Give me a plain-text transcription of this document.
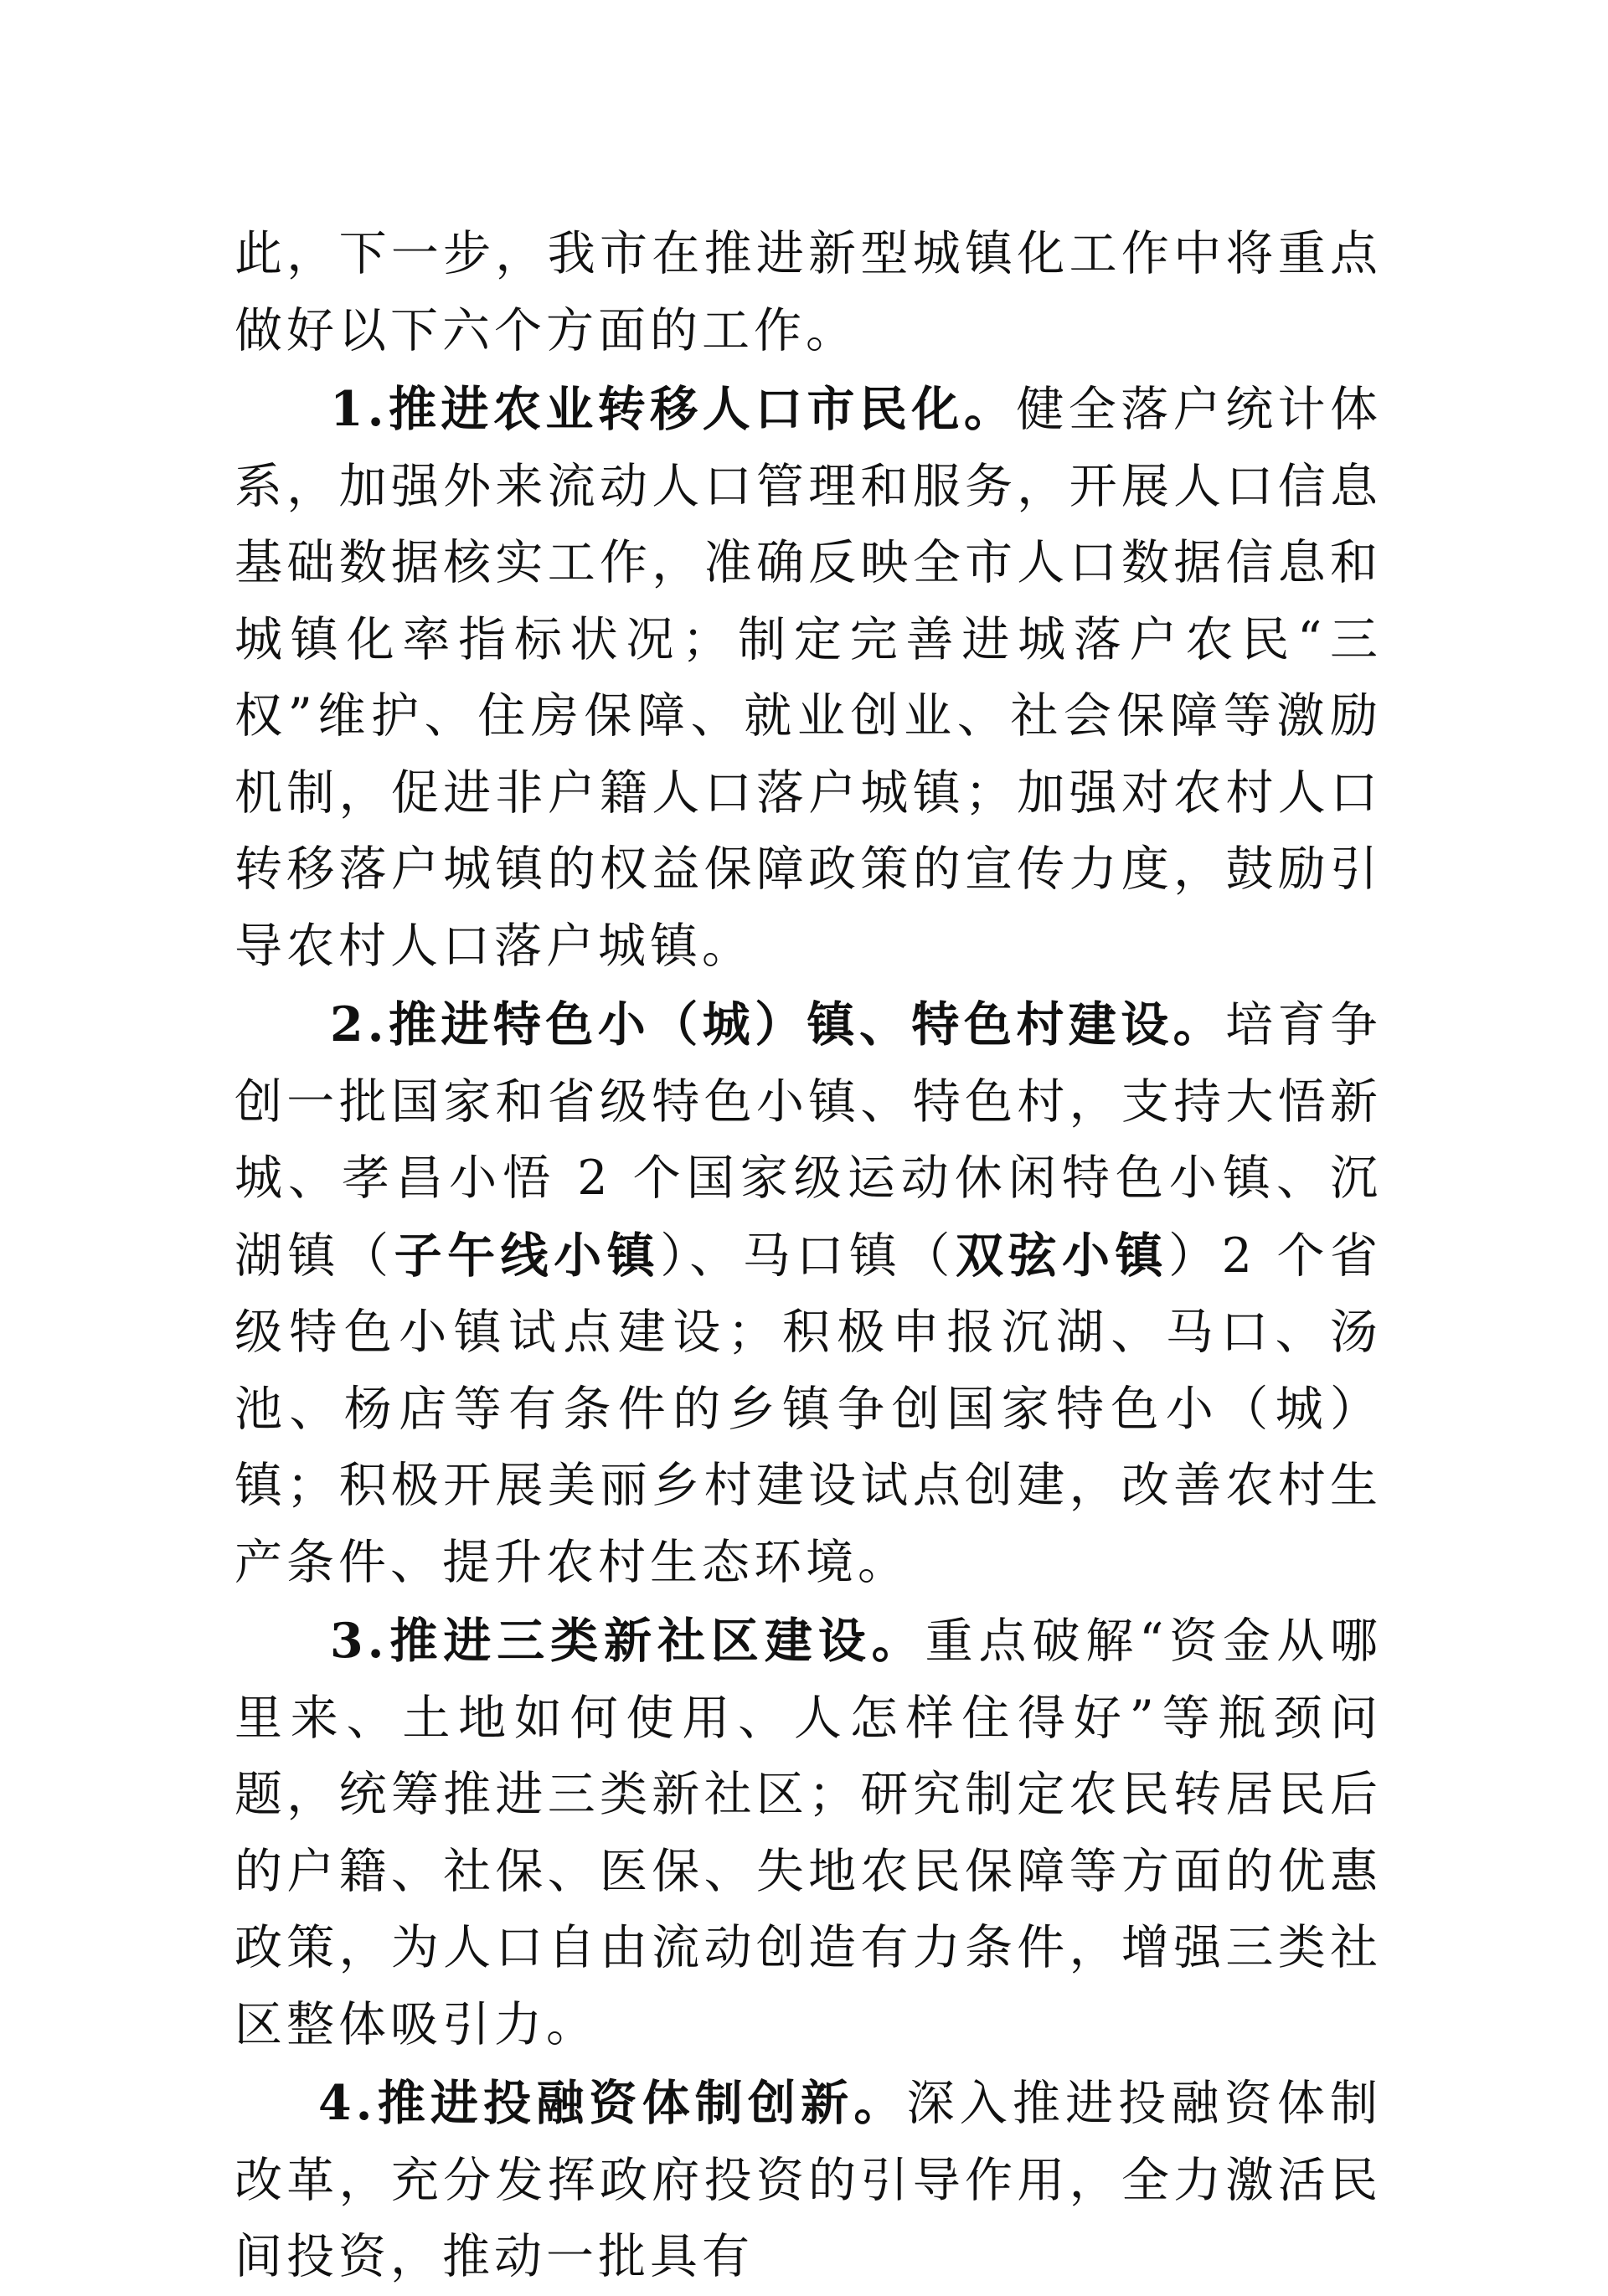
此，下一步，我市在推进新型城镇化工作中将重点做好以下六个方面的工作。

1.推进农业转移人口市民化。健全落户统计体系，加强外来流动人口管理和服务，开展人口信息基础数据核实工作，准确反映全市人口数据信息和城镇化率指标状况；制定完善进城落户农民“三权”维护、住房保障、就业创业、社会保障等激励机制，促进非户籍人口落户城镇；加强对农村人口转移落户城镇的权益保障政策的宣传力度，鼓励引导农村人口落户城镇。

2.推进特色小（城）镇、特色村建设。培育争创一批国家和省级特色小镇、特色村，支持大悟新城、孝昌小悟 2 个国家级运动休闲特色小镇、沉湖镇（子午线小镇）、马口镇（双弦小镇）2 个省级特色小镇试点建设；积极申报沉湖、马口、汤池、杨店等有条件的乡镇争创国家特色小（城）镇；积极开展美丽乡村建设试点创建，改善农村生产条件、提升农村生态环境。

3.推进三类新社区建设。重点破解“资金从哪里来、土地如何使用、人怎样住得好”等瓶颈问题，统筹推进三类新社区；研究制定农民转居民后的户籍、社保、医保、失地农民保障等方面的优惠政策，为人口自由流动创造有力条件，增强三类社区整体吸引力。

4.推进投融资体制创新。深入推进投融资体制改革，充分发挥政府投资的引导作用，全力激活民间投资，推动一批具有
